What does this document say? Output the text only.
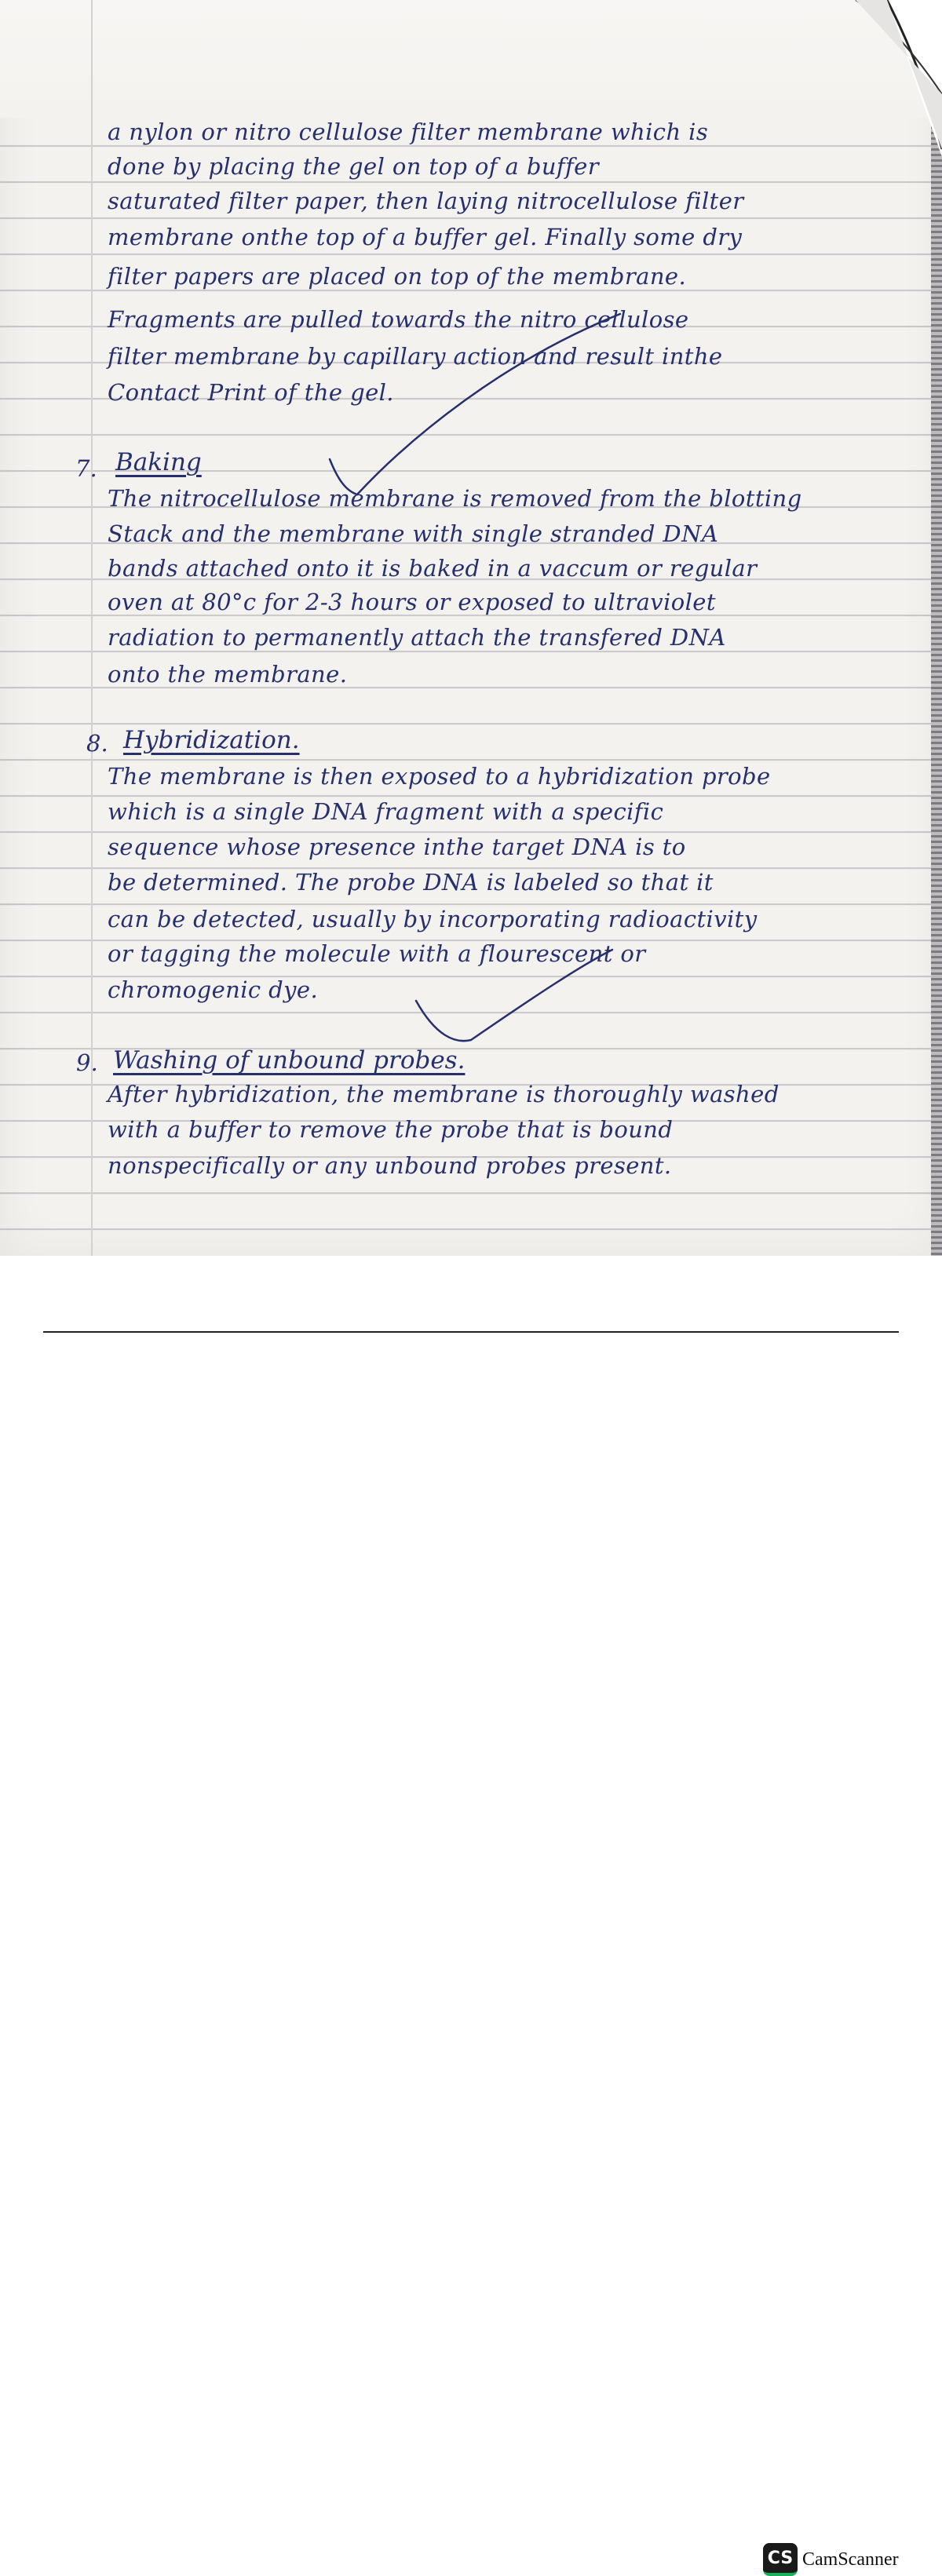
a nylon or nitro cellulose filter membrane which is
done by placing the gel on top of a buffer
saturated filter paper, then laying nitrocellulose filter
membrane onthe top of a buffer gel. Finally some dry
filter papers are placed on top of the membrane.
Fragments are pulled towards the nitro cellulose
filter membrane by capillary action and result inthe
Contact Print of the gel.
7. Baking
The nitrocellulose membrane is removed from the blotting
Stack and the membrane with single stranded DNA
bands attached onto it is baked in a vaccum or regular
oven at 80°c for 2-3 hours or exposed to ultraviolet
radiation to permanently attach the transfered DNA
onto the membrane.
8. Hybridization.
The membrane is then exposed to a hybridization probe
which is a single DNA fragment with a specific
sequence whose presence inthe target DNA is to
be determined. The probe DNA is labeled so that it
can be detected, usually by incorporating radioactivity
or tagging the molecule with a flourescent or
chromogenic dye.
9. Washing of unbound probes.
After hybridization, the membrane is thoroughly washed
with a buffer to remove the probe that is bound
nonspecifically or any unbound probes present.
CS CamScanner
